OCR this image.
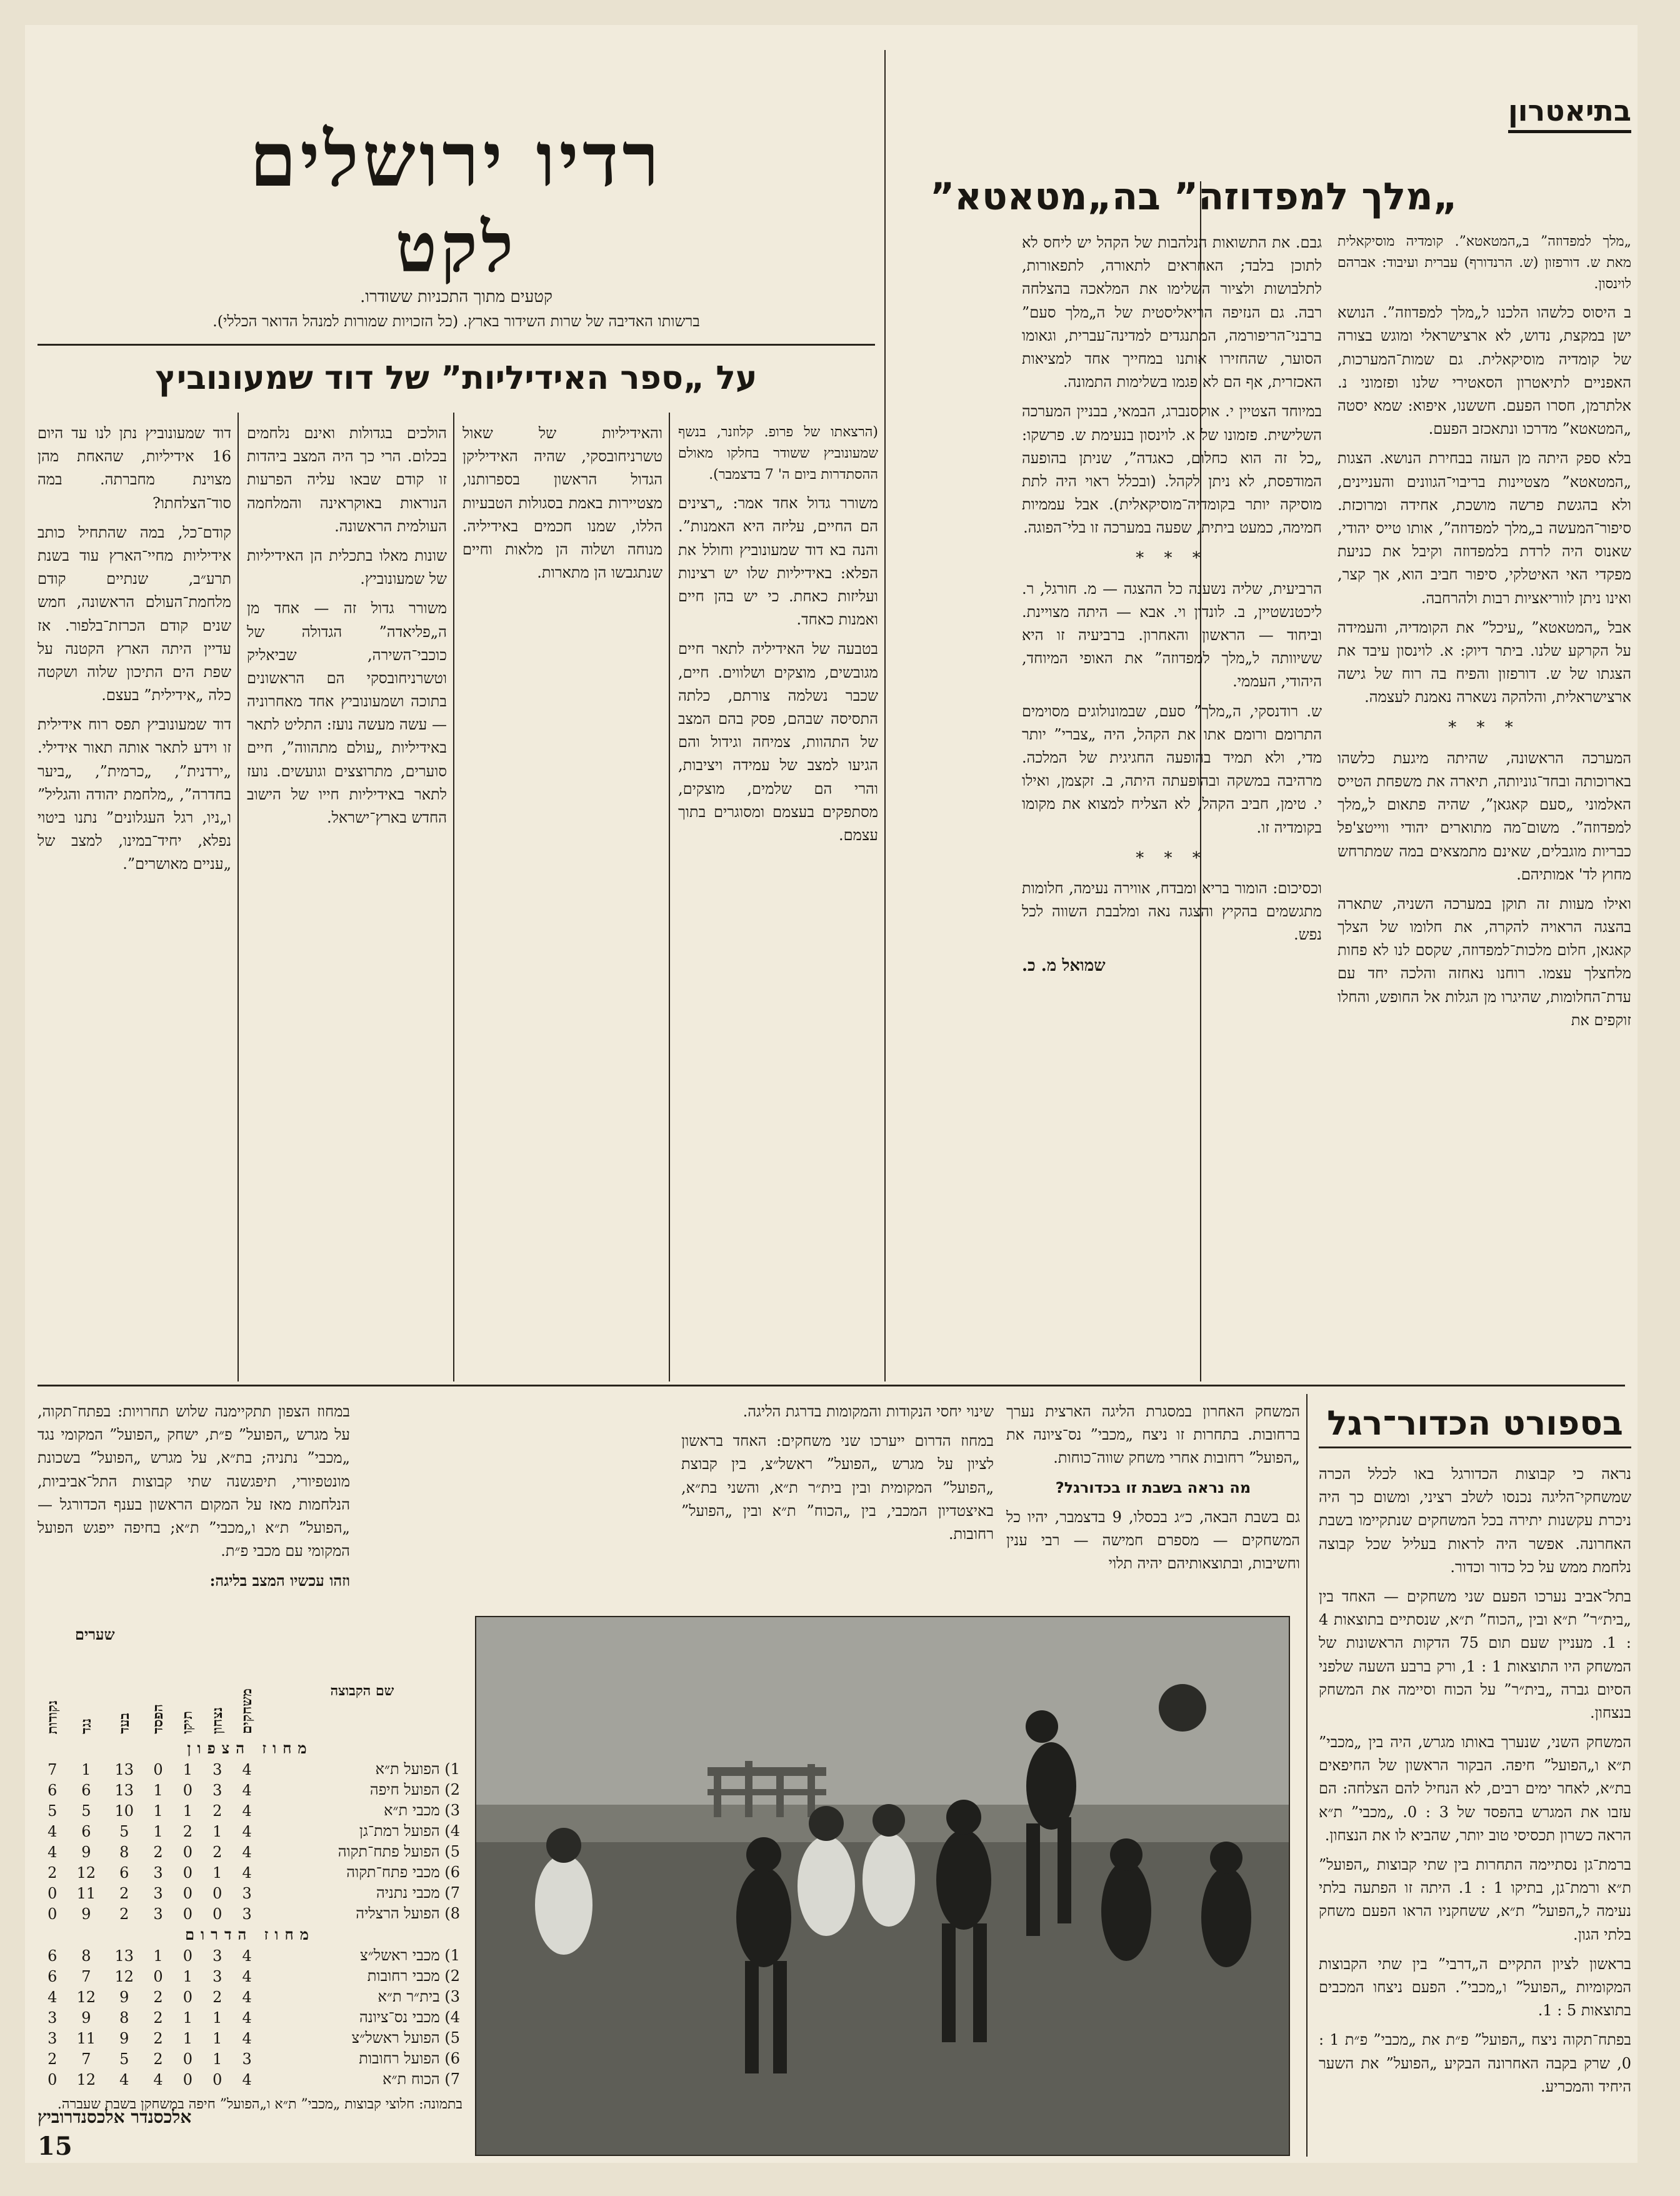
בתיאטרון
„מלך למפדוזה” בה„מטאטא”

„מלך למפדוזה” ב„המטאטא”. קומדיה מוסיקאלית מאת ש. דורפזון (ש. הרנדורף) עברית ועיבוד: אברהם לוינסון.

ב היסוס כלשהו הלכנו ל„מלך למפדוזה”. הנושא ישן במקצת, נדוש, לא ארצישראלי ומוגש בצורה של קומדיה מוסיקאלית. גם שמות־המערכות, האפניים לתיאטרון הסאטירי שלנו ופזמוני נ. אלתרמן, חסרו הפעם. חששנו, איפוא: שמא יסטה „המטאטא” מדרכו ונתאכזב הפעם.

בלא ספק היתה מן העזה בבחירת הנושא. הצגות „המטאטא” מצטיינות בריבוי־הגוונים והעניינים, ולא בהגשת פרשה מושכת, אחידה ומרוכזת. סיפור־המעשה ב„מלך למפדוזה”, אותו טייס יהודי, שאנוס היה לרדת בלמפדוזה וקיבל את כניעת מפקדי האי האיטלקי, סיפור חביב הוא, אך קצר, ואינו ניתן לווריאציות רבות ולהרחבה.

אבל „המטאטא” „עיכל” את הקומדיה, והעמידה על הקרקע שלנו. ביתר דיוק: א. לוינסון עיבד את הצגתו של ש. דורפזון והפיח בה רוח של גישה ארצישראלית, והלהקה נשארה נאמנת לעצמה.

* * *

המערכה הראשונה, שהיתה מיגעת כלשהו בארוכותה ובחד־גוניותה, תיארה את משפחת הטייס האלמוני „סעם קאגאן”, שהיה פתאום ל„מלך למפדוזה”. משום־מה מתוארים יהודי ווייטצ'פל כבריות מוגבלים, שאינם מתמצאים במה שמתרחש מחוץ לד' אמותיהם.

ואילו מעוות זה תוקן במערכה השניה, שתארה בהצגה הראויה להקרה, את חלומו של הצלך קאגאן, חלום מלכות־למפדוזה, שקסם לנו לא פחות מלחצלך עצמו. רוחנו נאחזה והלכה יחד עם עדת־החלומות, שהיגרו מן הגלות אל החופש, והחלו זוקפים את

גבם. את התשואות הנלהבות של הקהל יש ליחס לא לתוכן בלבד; האחראים לתאורה, לתפאורות, לתלבושות ולציור השלימו את המלאכה בהצלחה רבה. גם הנזיפה הריאליסטית של ה„מלך סעם” ברבני־הריפורמה, המתנגדים למדינה־עברית, וגאומו הסוער, שהחזירו אותנו במחייך אחד למציאות האכזרית, אף הם לא פגמו בשלימות התמונה.

במיוחד הצטיין י. אוקסנברג, הבמאי, בבניין המערכה השלישית. פזמונו של א. לוינסון בנעימת ש. פרשקו: „כל זה הוא כחלום, כאגדה”, שניתן בהופעה המודפסת, לא ניתן לקהל. (ובכלל ראוי היה לתת מוסיקה יותר בקומדיה־מוסיקאלית). אבל עממיות חמימה, כמעט ביתית, שפעה במערכה זו בלי־הפוגה.

* * *

הרביעית, שליה נשענה כל ההצגה — מ. חורגל, ר. ליכטנשטיין, ב. לונדון וי. אבא — היתה מצויינת. וביחוד — הראשון והאחרון. ברביעיה זו היא ששיוותה ל„מלך למפדוזה” את האופי המיוחד, היהודי, העממי.

ש. רודנסקי, ה„מלך” סעם, שבמונולוגים מסוימים התרומם ורומם אתו את הקהל, היה „צברי” יותר מדי, ולא תמיד בהופעה החגיגית של המלכה. מרהיבה במשקה ובהופעתה היתה, ב. זקצמן, ואילו י. טימן, חביב הקהל, לא הצליח למצוא את מקומו בקומדיה זו.

* * *

וכסיכום: הומור בריא ומבדח, אווירה נעימה, חלומות מתגשמים בהקיץ והצגה נאה ומלבבת השווה לכל נפש.

שמואל מ. כ.
רדיו ירושלים
לקט
קטעים מתוך התכניות ששודרו.
ברשותו האדיבה של שרות השידור בארץ. (כל הזכויות שמורות למנהל הדואר הכללי).
על „ספר האידיליות” של דוד שמעונוביץ

(הרצאתו של פרופ. קלוזנר, בנשף שמעונוביץ ששודר בחלקו מאולם ההסתדרות ביום ה' 7 בדצמבר).

משורר גדול אחד אמר: „רצינים הם החיים, עליזה היא האמנות”. והנה בא דוד שמעונוביץ וחולל את הפלא: באידיליות שלו יש רצינות ועליזות כאחת. כי יש בהן חיים ואמנות כאחד.

בטבעה של האידיליה לתאר חיים מגובשים, מוצקים ושלווים. חיים, שכבר נשלמה צורתם, כלתה התסיסה שבהם, פסק בהם המצב של התהוות, צמיחה וגידול והם הגיעו למצב של עמידה ויציבות, והרי הם שלמים, מוצקים, מסתפקים בעצמם ומסוגרים בתוך עצמם.

והאידיליות של שאול טשרניחובסקי, שהיה האידיליקן הגדול הראשון בספרותנו, מצטיירות באמת בסגולות הטבעיות הללו, שמנו חכמים באידיליה. מנוחה ושלוה הן מלאות וחיים שנתגבשו הן מתארות.

הולכים בגדולות ואינם נלחמים בכלום. הרי כך היה המצב ביהדות זו קודם שבאו עליה הפרעות הנוראות באוקראינה והמלחמה העולמית הראשונה.

שונות מאלו בתכלית הן האידיליות של שמעונוביץ.

משורר גדול זה — אחד מן ה„פליאדה” הגדולה של כוכבי־השירה, שביאליק וטשרניחובסקי הם הראשונים בתוכה ושמעונוביץ אחד מאחרוניה — עשה מעשה נועז: התליט לתאר באידיליות „עולם מתהווה”, חיים סוערים, מתרוצצים וגועשים. נועז לתאר באידיליות חייו של הישוב החדש בארץ־ישראל.

דוד שמעונוביץ נתן לנו עד היום 16 אידיליות, שהאחת מהן מצוינת מחברתה. במה סוד־הצלחתו?

קודם־כל, במה שהתחיל כותב אידיליות מחיי־הארץ עוד בשנת תרע״ב, שנתיים קודם מלחמת־העולם הראשונה, חמש שנים קודם הכרזת־בלפור. אז עדיין היתה הארץ הקטנה על שפת הים התיכון שלוה ושקטה כלה „אידילית” בעצם.

דוד שמעונוביץ תפס רוח אידילית זו וידע לתאר אותה תאור אידילי. „ירדנית”, „כרמית”, „ביער בחדרה”, „מלחמת יהודה והגליל” ו„ניו, רגל העגלונים” נתנו ביטוי נפלא, יחיד־במינו, למצב של „עניים מאושרים”.

בספורט הכדור־רגל

נראה כי קבוצות הכדורגל באו לכלל הכרה שמשחקי־הליגה נכנסו לשלב רציני, ומשום כך היה ניכרת עקשנות יתירה בכל המשחקים שנתקיימו בשבת האחרונה. אפשר היה לראות בעליל שכל קבוצה נלחמת ממש על כל כדור וכדור.

בתל־אביב נערכו הפעם שני משחקים — האחד בין „בית״ר” ת״א ובין „הכוח” ת״א, שנסתיים בתוצאות 4 : 1. מעניין שעם תום 75 הדקות הראשונות של המשחק היו התוצאות 1 : 1, ורק ברבע השעה שלפני הסיום גברה „בית״ר” על הכוח וסיימה את המשחק בנצחון.

המשחק השני, שנערך באותו מגרש, היה בין „מכבי” ת״א ו„הפועל” חיפה. הבקור הראשון של החיפאים בת״א, לאחר ימים רבים, לא הנחיל להם הצלחה: הם עזבו את המגרש בהפסד של 3 : 0. „מכבי” ת״א הראה כשרון תכסיסי טוב יותר, שהביא לו את הנצחון.

ברמת־גן נסתיימה התחרות בין שתי קבוצות „הפועל” ת״א ורמת־גן, בתיקו 1 : 1. היתה זו הפתעה בלתי נעימה ל„הפועל” ת״א, ששחקניו הראו הפעם משחק בלתי הגון.

בראשון לציון התקיים ה„דרבי” בין שתי הקבוצות המקומיות „הפועל” ו„מכבי”. הפעם ניצחו המכבים בתוצאות 5 : 1.

בפתח־תקוה ניצח „הפועל” פ״ת את „מכבי” פ״ת 1 : 0, שרק בקבה האחרונה הבקיע „הפועל” את השער היחיד והמכריע.

המשחק האחרון במסגרת הליגה הארצית נערך ברחובות. בתחרות זו ניצח „מכבי” נס־ציונה את „הפועל” רחובות אחרי משחק שווה־כוחות.

מה נראה בשבת זו בכדורגל?

גם בשבת הבאה, כ״ג בכסלו, 9 בדצמבר, יהיו כל המשחקים — מספרם חמישה — רבי ענין וחשיבות, ובתוצאותיהם יהיה תלוי

שינוי יחסי הנקודות והמקומות בדרגת הליגה.

במחוז הדרום ייערכו שני משחקים: האחד בראשון לציון על מגרש „הפועל” ראשל״צ, בין קבוצת „הפועל” המקומית ובין בית״ר ת״א, והשני בת״א, באיצטדיון המכבי, בין „הכוח” ת״א ובין „הפועל” רחובות.

במחוז הצפון תתקיימנה שלוש תחרויות: בפתח־תקוה, על מגרש „הפועל” פ״ת, ישחק „הפועל” המקומי נגד „מכבי” נתניה; בת״א, על מגרש „הפועל” בשכונת מונטפיורי, תיפגשנה שתי קבוצות התל־אביביות, הנלחמות מאז על המקום הראשון בענף הכדורגל — „הפועל” ת״א ו„מכבי” ת״א; בחיפה ייפגש הפועל המקומי עם מכבי פ״ת.

וזהו עכשיו המצב בליגה:

שערים
שם הקבוצה	משחקים	נצחון	תיקו	הפסד	בעד	נגד	נקודות
מחוז הצפון							
1) הפועל ת״א	4	3	1	0	13	1	7
2) הפועל חיפה	4	3	0	1	13	6	6
3) מכבי ת״א	4	2	1	1	10	5	5
4) הפועל רמת־גן	4	1	2	1	5	6	4
5) הפועל פתח־תקוה	4	2	0	2	8	9	4
6) מכבי פתח־תקוה	4	1	0	3	6	12	2
7) מכבי נתניה	3	0	0	3	2	11	0
8) הפועל הרצליה	3	0	0	3	2	9	0
מחוז הדרום							
1) מכבי ראשל״צ	4	3	0	1	13	8	6
2) מכבי רחובות	4	3	1	0	12	7	6
3) בית״ר ת״א	4	2	0	2	9	12	4
4) מכבי נס־ציונה	4	1	1	2	8	9	3
5) הפועל ראשל״צ	4	1	1	2	9	11	3
6) הפועל רחובות	3	1	0	2	5	7	2
7) הכוח ת״א	4	0	0	4	4	12	0
בתמונה: חלוצי קבוצות „מכבי” ת״א ו„הפועל” חיפה במשחקן בשבת שעברה.
אלכסנדר אלכסנדרוביץ
15
